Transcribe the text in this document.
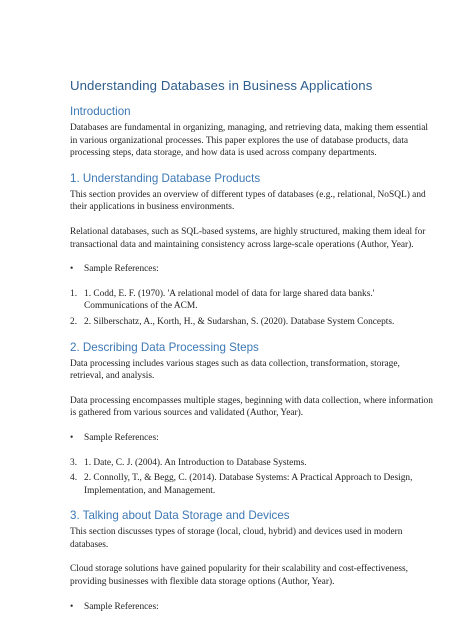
Understanding Databases in Business Applications
Introduction

Databases are fundamental in organizing, managing, and retrieving data, making them essential in various organizational processes. This paper explores the use of database products, data processing steps, data storage, and how data is used across company departments.

1. Understanding Database Products

This section provides an overview of different types of databases (e.g., relational, NoSQL) and their applications in business environments.

Relational databases, such as SQL-based systems, are highly structured, making them ideal for transactional data and maintaining consistency across large-scale operations (Author, Year).

• Sample References:
1. 1. Codd, E. F. (1970). 'A relational model of data for large shared data banks.' Communications of the ACM.
2. 2. Silberschatz, A., Korth, H., & Sudarshan, S. (2020). Database System Concepts.
2. Describing Data Processing Steps

Data processing includes various stages such as data collection, transformation, storage, retrieval, and analysis.

Data processing encompasses multiple stages, beginning with data collection, where information is gathered from various sources and validated (Author, Year).

• Sample References:
3. 1. Date, C. J. (2004). An Introduction to Database Systems.
4. 2. Connolly, T., & Begg, C. (2014). Database Systems: A Practical Approach to Design, Implementation, and Management.
3. Talking about Data Storage and Devices

This section discusses types of storage (local, cloud, hybrid) and devices used in modern databases.

Cloud storage solutions have gained popularity for their scalability and cost-effectiveness, providing businesses with flexible data storage options (Author, Year).

• Sample References:
